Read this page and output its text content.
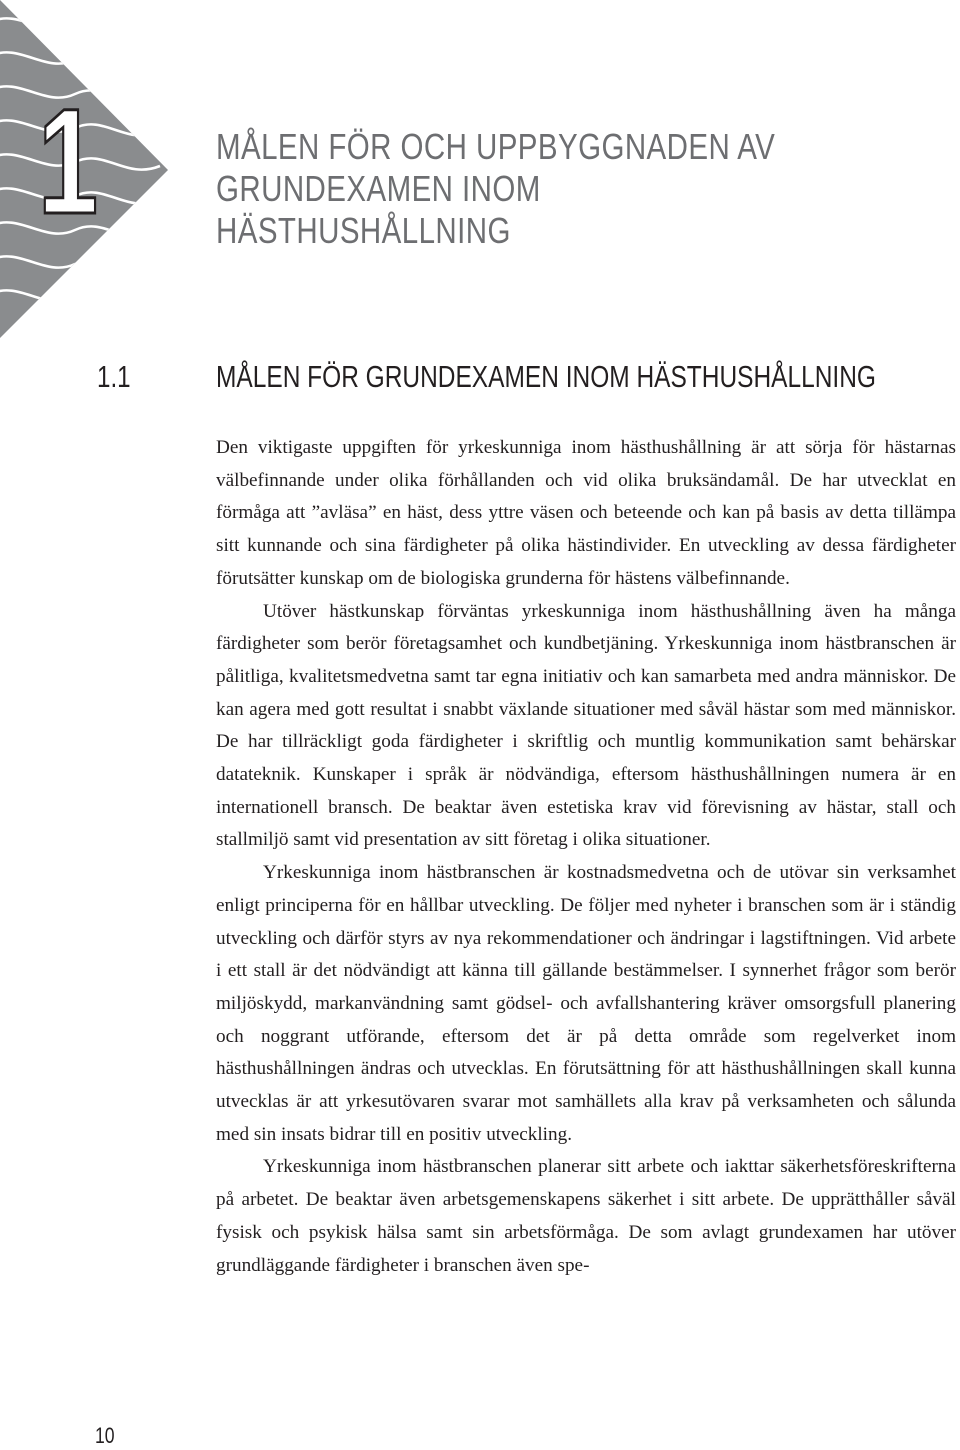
1	MÅLEN FÖR OCH UPPBYGGNADEN AV GRUNDEXAMEN INOM HÄSTHUSHÅLLNING
1.1	MÅLEN FÖR GRUNDEXAMEN INOM HÄSTHUSHÅLLNING

Den viktigaste uppgiften för yrkeskunniga inom hästhushållning är att sörja för hästarnas välbefinnande under olika förhållanden och vid olika bruksändamål. De har utvecklat en förmåga att ”avläsa” en häst, dess yttre väsen och beteende och kan på basis av detta tillämpa sitt kunnande och sina färdigheter på olika hästindivider. En utveckling av dessa färdigheter förutsätter kunskap om de biologiska grunderna för hästens välbefinnande.

Utöver hästkunskap förväntas yrkeskunniga inom hästhushållning även ha många färdigheter som berör företagsamhet och kundbetjäning. Yrkeskunniga inom hästbranschen är pålitliga, kvalitetsmedvetna samt tar egna initiativ och kan samarbeta med andra människor. De kan agera med gott resultat i snabbt växlande situationer med såväl hästar som med människor. De har tillräckligt goda färdigheter i skriftlig och muntlig kommunikation samt behärskar datateknik. Kunskaper i språk är nödvändiga, eftersom hästhushållningen numera är en internationell bransch. De beaktar även estetiska krav vid förevisning av hästar, stall och stallmiljö samt vid presentation av sitt företag i olika situationer.

Yrkeskunniga inom hästbranschen är kostnadsmedvetna och de utövar sin verksamhet enligt principerna för en hållbar utveckling. De följer med nyheter i branschen som är i ständig utveckling och därför styrs av nya rekommendationer och ändringar i lagstiftningen. Vid arbete i ett stall är det nödvändigt att känna till gällande bestämmelser. I synnerhet frågor som berör miljöskydd, markanvändning samt gödsel- och avfallshantering kräver omsorgsfull planering och noggrant utförande, eftersom det är på detta område som regelverket inom hästhushållningen ändras och utvecklas. En förutsättning för att hästhushållningen skall kunna utvecklas är att yrkesutövaren svarar mot samhällets alla krav på verksamheten och sålunda med sin insats bidrar till en positiv utveckling.

Yrkeskunniga inom hästbranschen planerar sitt arbete och iakttar säkerhetsföreskrifterna på arbetet. De beaktar även arbetsgemenskapens säkerhet i sitt arbete. De upprätthåller såväl fysisk och psykisk hälsa samt sin arbetsförmåga. De som avlagt grundexamen har utöver grundläggande färdigheter i branschen även spe-

10
